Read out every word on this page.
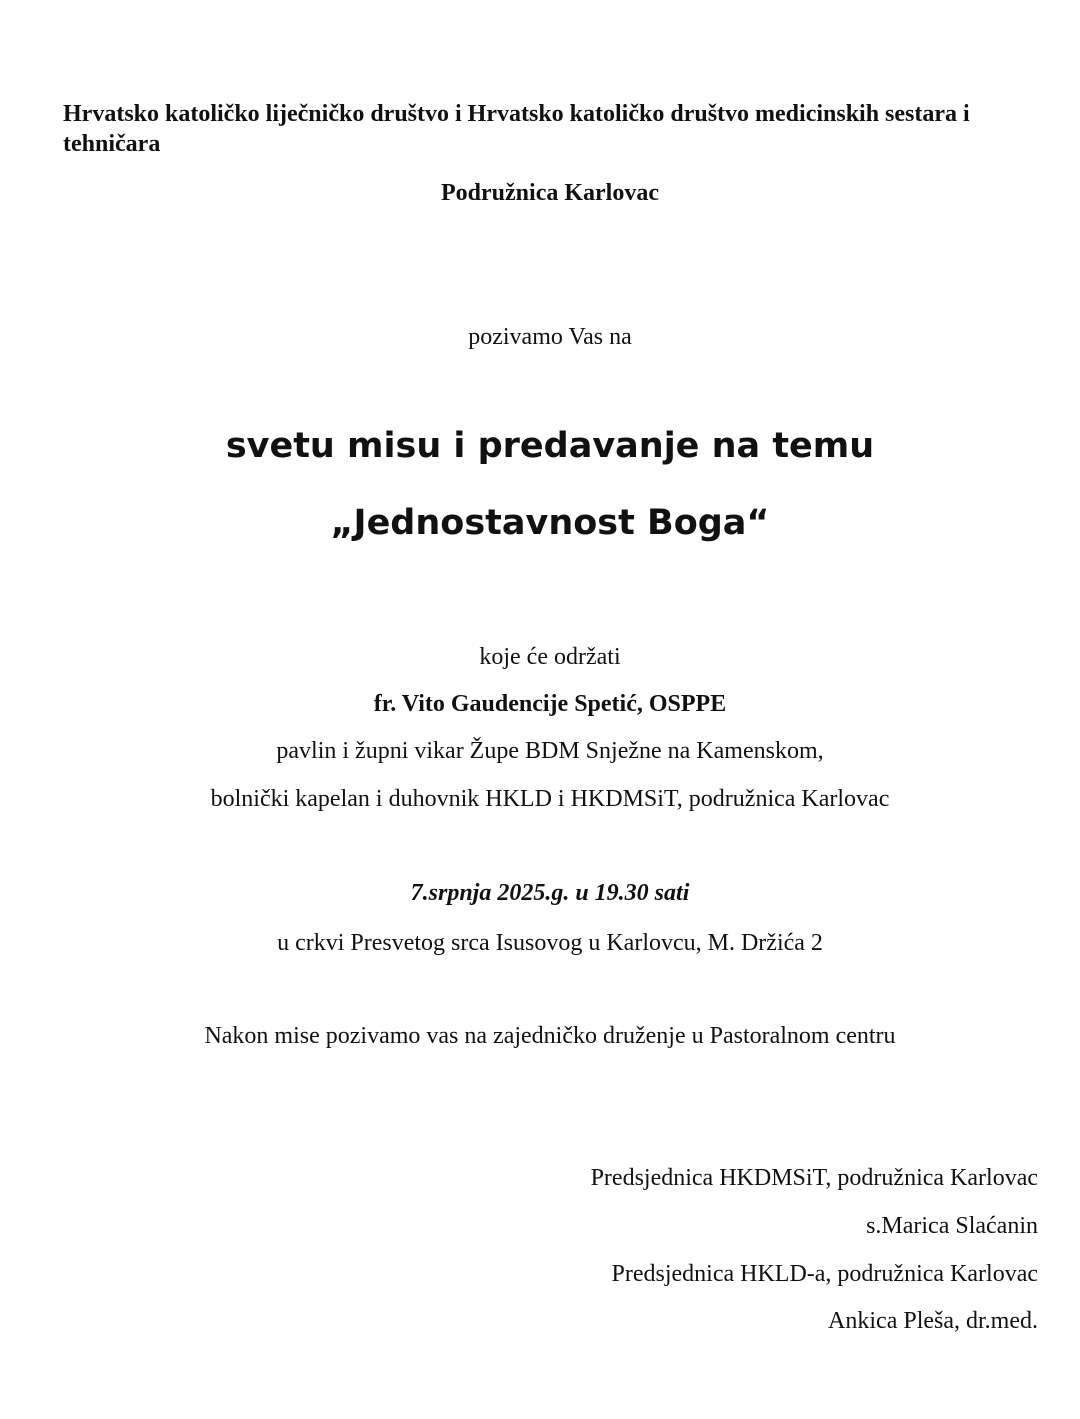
Hrvatsko katoličko liječničko društvo i Hrvatsko katoličko društvo medicinskih sestara i tehničara
Podružnica Karlovac
pozivamo Vas na
svetu misu i predavanje na temu
„Jednostavnost Boga“
koje će održati
fr. Vito Gaudencije Spetić, OSPPE
pavlin i župni vikar Župe BDM Snježne na Kamenskom,
bolnički kapelan i duhovnik HKLD i HKDMSiT, podružnica Karlovac
7.srpnja 2025.g. u 19.30 sati
u crkvi Presvetog srca Isusovog u Karlovcu, M. Držića 2
Nakon mise pozivamo vas na zajedničko druženje u Pastoralnom centru
Predsjednica HKDMSiT, podružnica Karlovac
s.Marica Slaćanin
Predsjednica HKLD-a, podružnica Karlovac
Ankica Pleša, dr.med.
